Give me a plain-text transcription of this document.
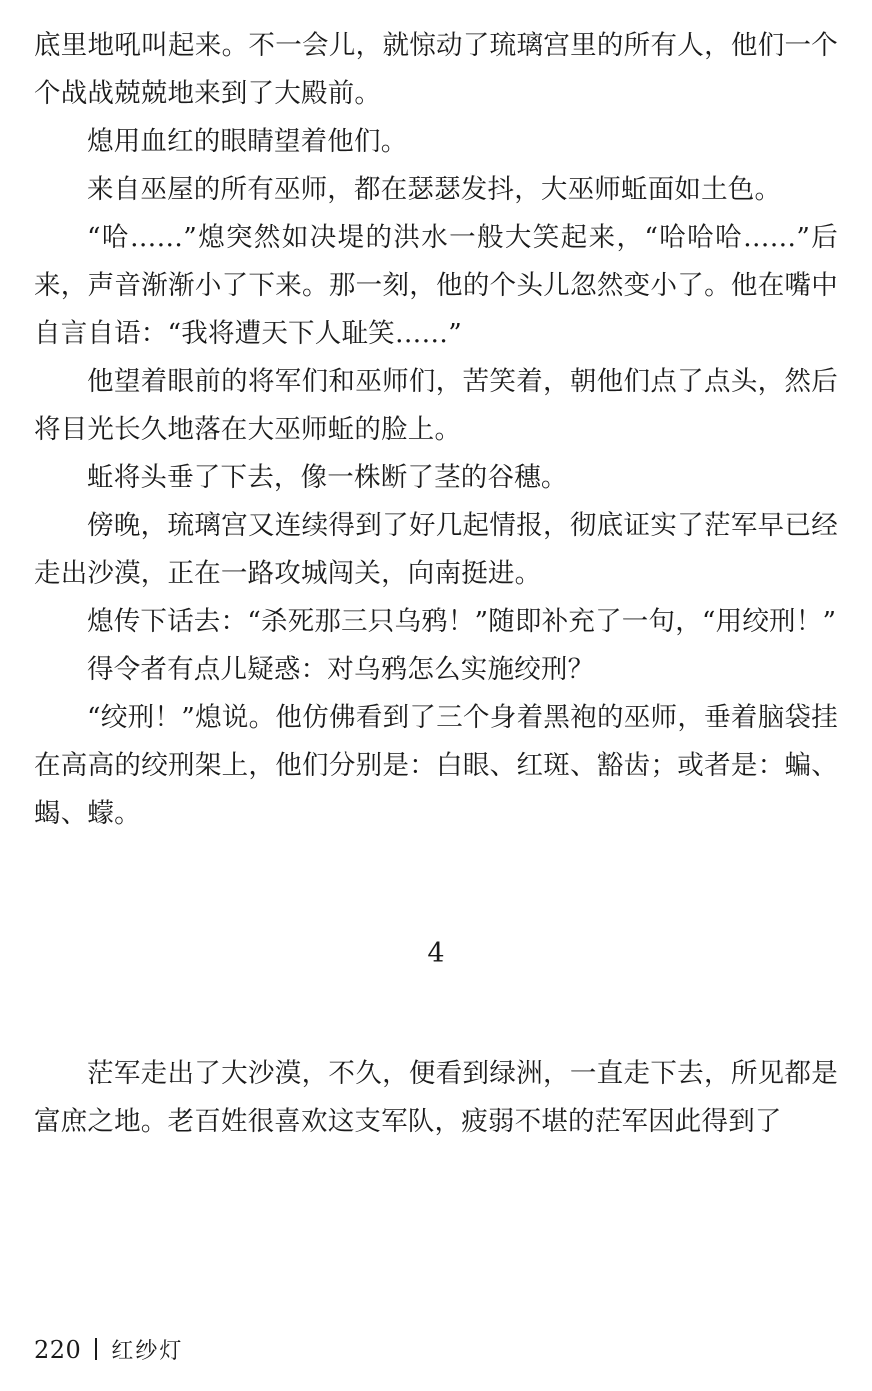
底里地吼叫起来。不一会儿，就惊动了琉璃宫里的所有人，他们一个个战战兢兢地来到了大殿前。

熄用血红的眼睛望着他们。

来自巫屋的所有巫师，都在瑟瑟发抖，大巫师蚯面如土色。

“哈……”熄突然如决堤的洪水一般大笑起来，“哈哈哈……”后来，声音渐渐小了下来。那一刻，他的个头儿忽然变小了。他在嘴中自言自语：“我将遭天下人耻笑……”

他望着眼前的将军们和巫师们，苦笑着，朝他们点了点头，然后将目光长久地落在大巫师蚯的脸上。

蚯将头垂了下去，像一株断了茎的谷穗。

傍晚，琉璃宫又连续得到了好几起情报，彻底证实了茫军早已经走出沙漠，正在一路攻城闯关，向南挺进。

熄传下话去：“杀死那三只乌鸦！”随即补充了一句，“用绞刑！”

得令者有点儿疑惑：对乌鸦怎么实施绞刑？

“绞刑！”熄说。他仿佛看到了三个身着黑袍的巫师，垂着脑袋挂在高高的绞刑架上，他们分别是：白眼、红斑、豁齿；或者是：蝙、蝎、蠓。

4

茫军走出了大沙漠，不久，便看到绿洲，一直走下去，所见都是富庶之地。老百姓很喜欢这支军队，疲弱不堪的茫军因此得到了

220 红纱灯
